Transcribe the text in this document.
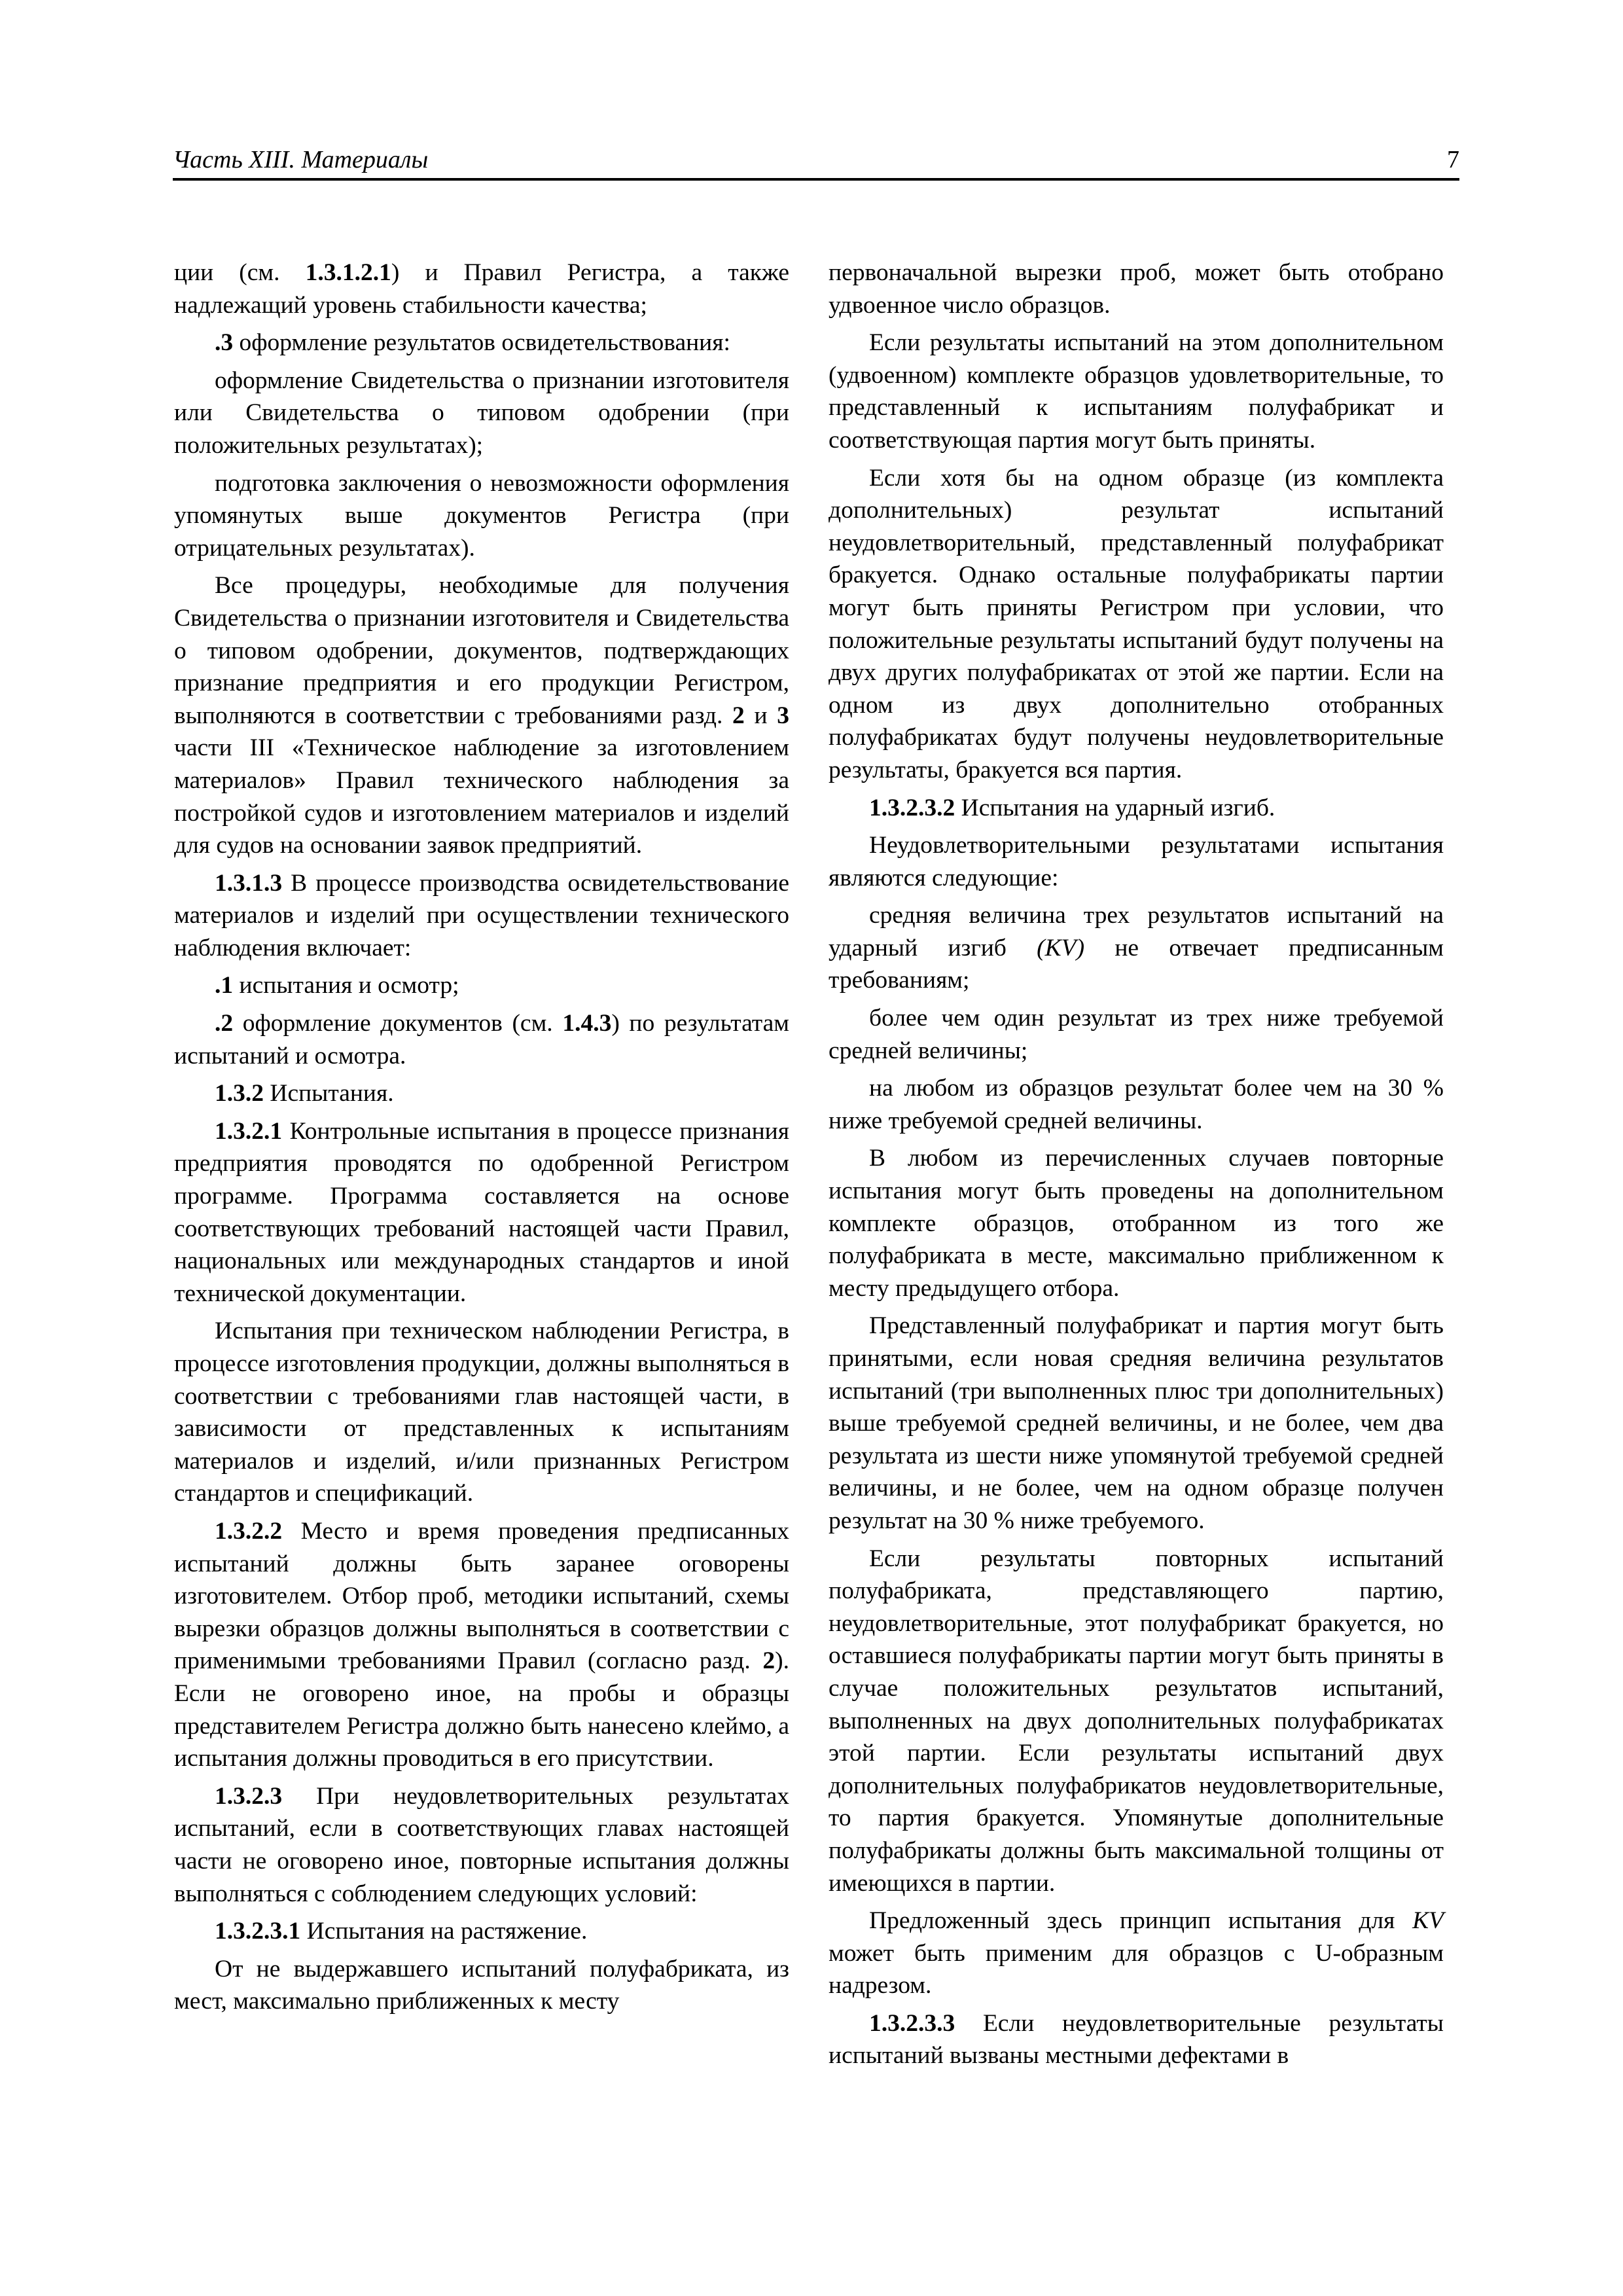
Часть XIII. Материалы	7

ции (см. 1.3.1.2.1) и Правил Регистра, а также надлежащий уровень стабильности качества;

.3 оформление результатов освидетельствования:

оформление Свидетельства о признании изготовителя или Свидетельства о типовом одобрении (при положительных результатах);

подготовка заключения о невозможности оформления упомянутых выше документов Регистра (при отрицательных результатах).

Все процедуры, необходимые для получения Свидетельства о признании изготовителя и Свидетельства о типовом одобрении, документов, подтверждающих признание предприятия и его продукции Регистром, выполняются в соответствии с требованиями разд. 2 и 3 части III «Техническое наблюдение за изготовлением материалов» Правил технического наблюдения за постройкой судов и изготовлением материалов и изделий для судов на основании заявок предприятий.

1.3.1.3 В процессе производства освидетельствование материалов и изделий при осуществлении технического наблюдения включает:

.1 испытания и осмотр;

.2 оформление документов (см. 1.4.3) по результатам испытаний и осмотра.

1.3.2 Испытания.

1.3.2.1 Контрольные испытания в процессе признания предприятия проводятся по одобренной Регистром программе. Программа составляется на основе соответствующих требований настоящей части Правил, национальных или международных стандартов и иной технической документации.

Испытания при техническом наблюдении Регистра, в процессе изготовления продукции, должны выполняться в соответствии с требованиями глав настоящей части, в зависимости от представленных к испытаниям материалов и изделий, и/или признанных Регистром стандартов и спецификаций.

1.3.2.2 Место и время проведения предписанных испытаний должны быть заранее оговорены изготовителем. Отбор проб, методики испытаний, схемы вырезки образцов должны выполняться в соответствии с применимыми требованиями Правил (согласно разд. 2). Если не оговорено иное, на пробы и образцы представителем Регистра должно быть нанесено клеймо, а испытания должны проводиться в его присутствии.

1.3.2.3 При неудовлетворительных результатах испытаний, если в соответствующих главах настоящей части не оговорено иное, повторные испытания должны выполняться с соблюдением следующих условий:

1.3.2.3.1 Испытания на растяжение.

От не выдержавшего испытаний полуфабриката, из мест, максимально приближенных к месту

первоначальной вырезки проб, может быть отобрано удвоенное число образцов.

Если результаты испытаний на этом дополнительном (удвоенном) комплекте образцов удовлетворительные, то представленный к испытаниям полуфабрикат и соответствующая партия могут быть приняты.

Если хотя бы на одном образце (из комплекта дополнительных) результат испытаний неудовлетворительный, представленный полуфабрикат бракуется. Однако остальные полуфабрикаты партии могут быть приняты Регистром при условии, что положительные результаты испытаний будут получены на двух других полуфабрикатах от этой же партии. Если на одном из двух дополнительно отобранных полуфабрикатах будут получены неудовлетворительные результаты, бракуется вся партия.

1.3.2.3.2 Испытания на ударный изгиб.

Неудовлетворительными результатами испытания являются следующие:

средняя величина трех результатов испытаний на ударный изгиб (KV) не отвечает предписанным требованиям;

более чем один результат из трех ниже требуемой средней величины;

на любом из образцов результат более чем на 30 % ниже требуемой средней величины.

В любом из перечисленных случаев повторные испытания могут быть проведены на дополнительном комплекте образцов, отобранном из того же полуфабриката в месте, максимально приближенном к месту предыдущего отбора.

Представленный полуфабрикат и партия могут быть принятыми, если новая средняя величина результатов испытаний (три выполненных плюс три дополнительных) выше требуемой средней величины, и не более, чем два результата из шести ниже упомянутой требуемой средней величины, и не более, чем на одном образце получен результат на 30 % ниже требуемого.

Если результаты повторных испытаний полуфабриката, представляющего партию, неудовлетворительные, этот полуфабрикат бракуется, но оставшиеся полуфабрикаты партии могут быть приняты в случае положительных результатов испытаний, выполненных на двух дополнительных полуфабрикатах этой партии. Если результаты испытаний двух дополнительных полуфабрикатов неудовлетворительные, то партия бракуется. Упомянутые дополнительные полуфабрикаты должны быть максимальной толщины от имеющихся в партии.

Предложенный здесь принцип испытания для KV может быть применим для образцов с U-образным надрезом.

1.3.2.3.3 Если неудовлетворительные результаты испытаний вызваны местными дефектами в
